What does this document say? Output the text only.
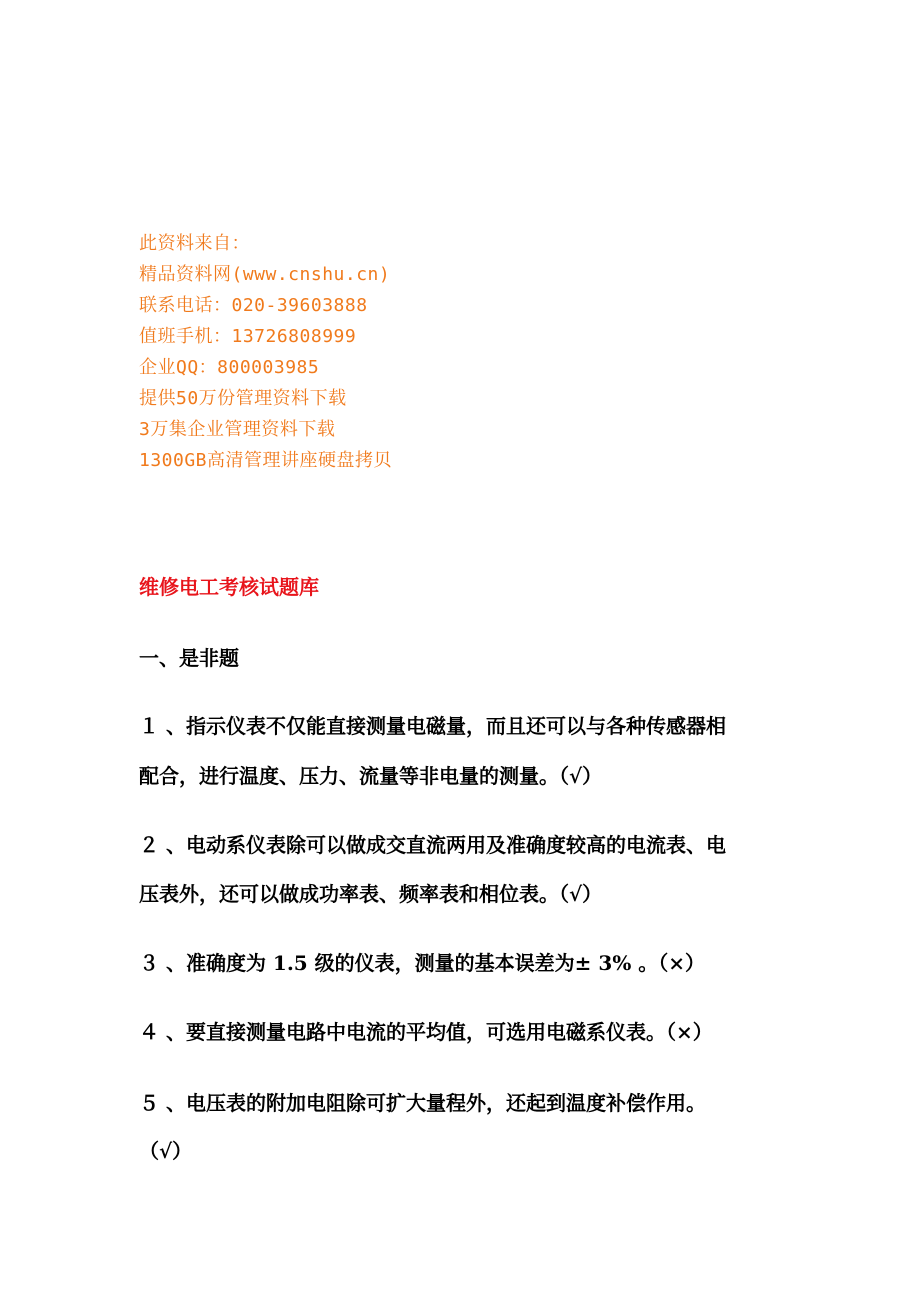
此资料来自：
精品资料网(www.cnshu.cn)
联系电话：020-39603888
值班手机：13726808999
企业QQ：800003985
提供50万份管理资料下载
3万集企业管理资料下载
1300GB高清管理讲座硬盘拷贝
维修电工考核试题库
一、是非题
１ 、指示仪表不仅能直接测量电磁量，而且还可以与各种传感器相
配合，进行温度、压力、流量等非电量的测量。（√）
２ 、电动系仪表除可以做成交直流两用及准确度较高的电流表、电
压表外，还可以做成功率表、频率表和相位表。（√）
３ 、准确度为 1.5 级的仪表，测量的基本误差为± 3% 。（×）
４ 、要直接测量电路中电流的平均值，可选用电磁系仪表。（×）
５ 、电压表的附加电阻除可扩大量程外，还起到温度补偿作用。
（√）
